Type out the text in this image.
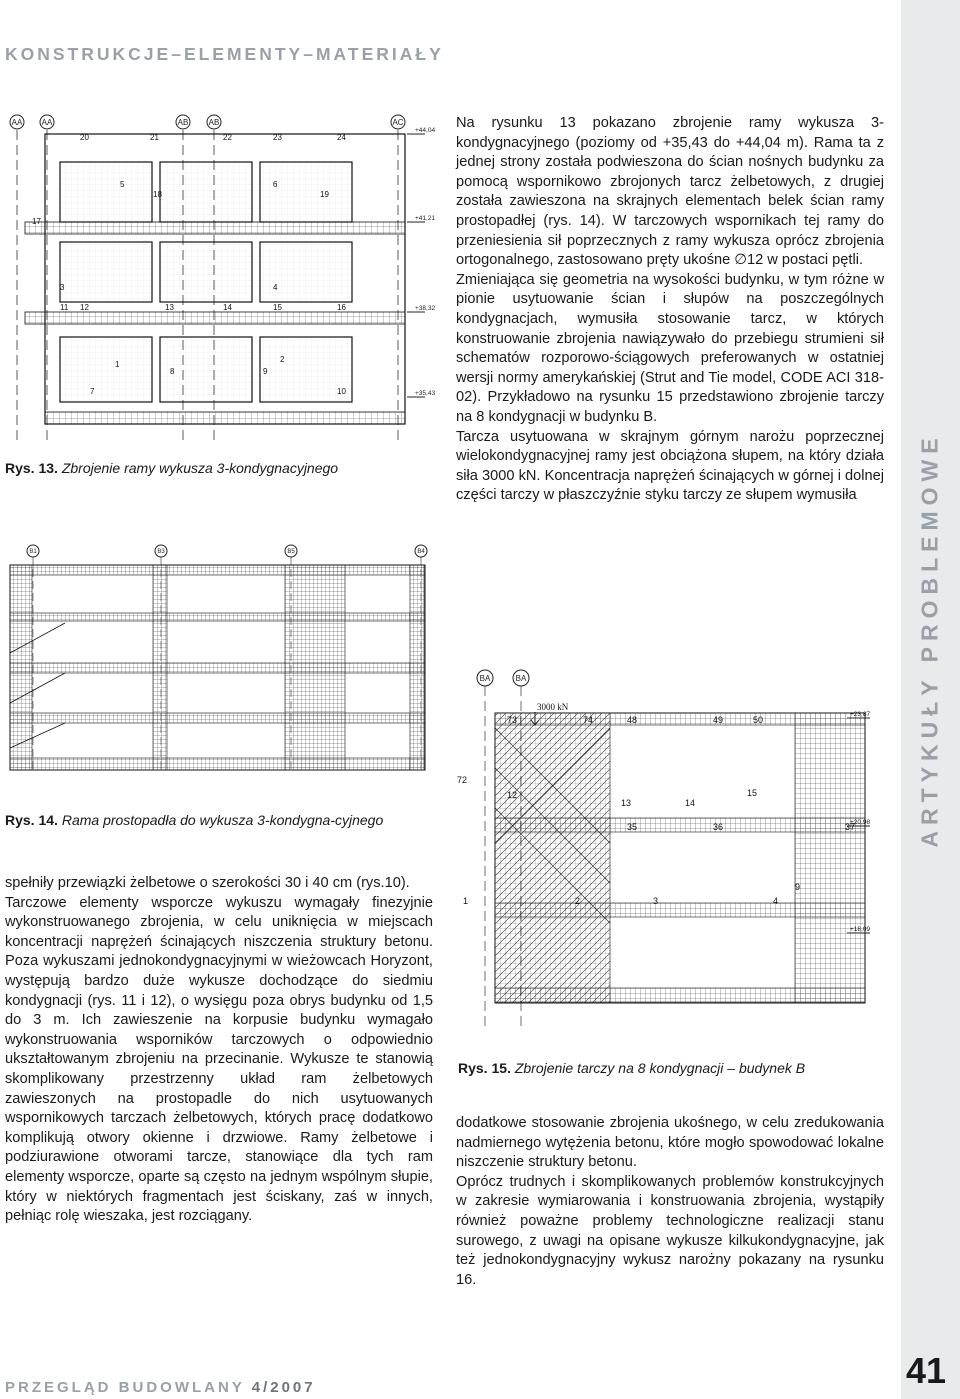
KONSTRUKCJE–ELEMENTY–MATERIAŁY
ARTYKUŁY PROBLEMOWE
41
AA AA	AB	AB	AC
+44,04
+41,21
+38,32
+35,43
20	21	22	23	24
5
18
6
19
17
3	4
11 12	13	14	15	16
1
8	9
2
7	10
Rys. 13. Zbrojenie ramy wykusza 3-kondygnacyjnego
B1	B3	B5	B4
Rys. 14. Rama prostopadła do wykusza 3-kondygna-cyjnego
BA	BA
3000 kN
+23,87
+20,98
+18,09
73	74	48	49	50
72
12
13	14
15
35	36	37
1	2	3	4
9
Rys. 15. Zbrojenie tarczy na 8 kondygnacji – budynek B

spełniły przewiązki żelbetowe o szerokości 30 i 40 cm (rys.10).

Tarczowe elementy wsporcze wykuszu wymagały finezyjnie wykonstruowanego zbrojenia, w celu uniknięcia w miejscach koncentracji naprężeń ścinających niszczenia struktury betonu. Poza wykuszami jednokondygnacyjnymi w wieżowcach Horyzont, występują bardzo duże wykusze dochodzące do siedmiu kondygnacji (rys. 11 i 12), o wysięgu poza obrys budynku od 1,5 do 3 m. Ich zawieszenie na korpusie budynku wymagało wykonstruowania wsporników tarczowych o odpowiednio ukształtowanym zbrojeniu na przecinanie. Wykusze te stanowią skomplikowany przestrzenny układ ram żelbetowych zawieszonych na prostopadle do nich usytuowanych wspornikowych tarczach żelbetowych, których pracę dodatkowo komplikują otwory okienne i drzwiowe. Ramy żelbetowe i podziurawione otworami tarcze, stanowiące dla tych ram elementy wsporcze, oparte są często na jednym wspólnym słupie, który w niektórych fragmentach jest ściskany, zaś w innych, pełniąc rolę wieszaka, jest rozciągany.

Na rysunku 13 pokazano zbrojenie ramy wykusza 3-kondygnacyjnego (poziomy od +35,43 do +44,04 m). Rama ta z jednej strony została podwieszona do ścian nośnych budynku za pomocą wspornikowo zbrojonych tarcz żelbetowych, z drugiej została zawieszona na skrajnych elementach belek ścian ramy prostopadłej (rys. 14). W tarczowych wspornikach tej ramy do przeniesienia sił poprzecznych z ramy wykusza oprócz zbrojenia ortogonalnego, zastosowano pręty ukośne ∅12 w postaci pętli.

Zmieniająca się geometria na wysokości budynku, w tym różne w pionie usytuowanie ścian i słupów na poszczególnych kondygnacjach, wymusiła stosowanie tarcz, w których konstruowanie zbrojenia nawiązywało do przebiegu strumieni sił schematów rozporowo-ściągowych preferowanych w ostatniej wersji normy amerykańskiej (Strut and Tie model, CODE ACI 318-02). Przykładowo na rysunku 15 przedstawiono zbrojenie tarczy na 8 kondygnacji w budynku B.

Tarcza usytuowana w skrajnym górnym narożu poprzecznej wielokondygnacyjnej ramy jest obciążona słupem, na który działa siła 3000 kN. Koncentracja naprężeń ścinających w górnej i dolnej części tarczy w płaszczyźnie styku tarczy ze słupem wymusiła

dodatkowe stosowanie zbrojenia ukośnego, w celu zredukowania nadmiernego wytężenia betonu, które mogło spowodować lokalne niszczenie struktury betonu.

Oprócz trudnych i skomplikowanych problemów konstrukcyjnych w zakresie wymiarowania i konstruowania zbrojenia, wystąpiły również poważne problemy technologiczne realizacji stanu surowego, z uwagi na opisane wykusze kilkukondygnacyjne, jak też jednokondygnacyjny wykusz narożny pokazany na rysunku 16.

PRZEGLĄD BUDOWLANY 4/2007
